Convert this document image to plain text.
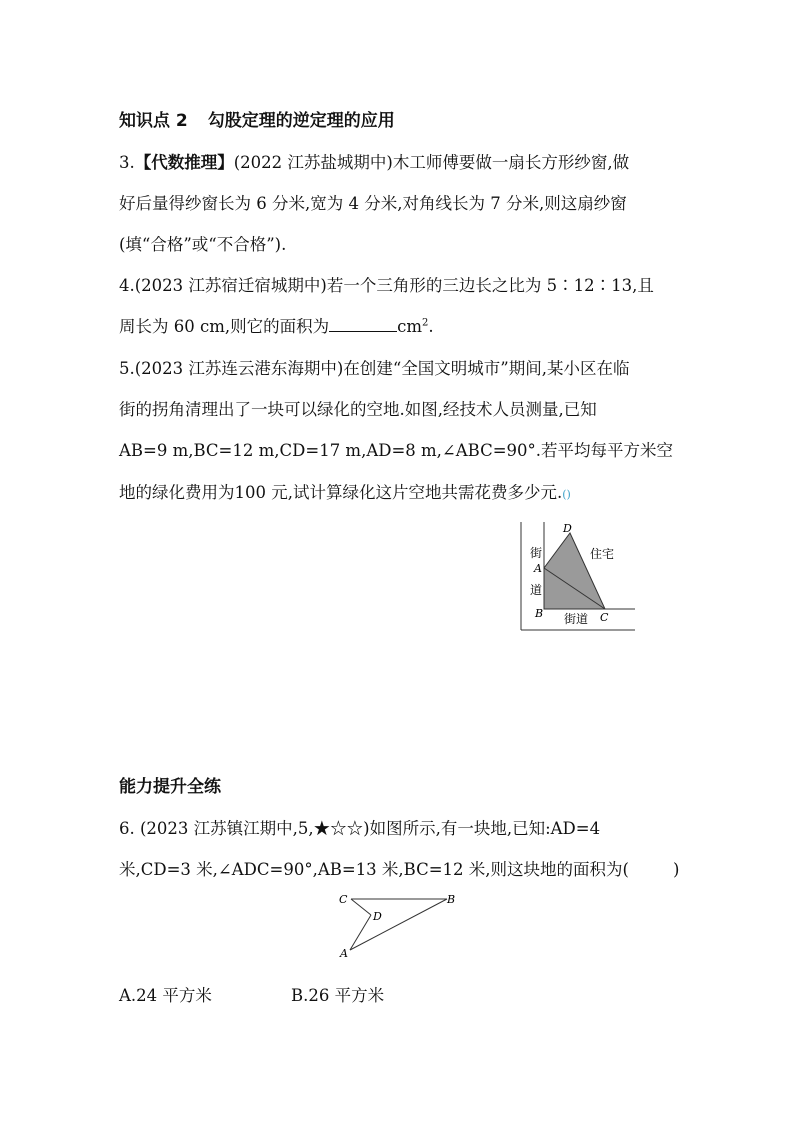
知识点 2 勾股定理的逆定理的应用
3.【代数推理】(2022 江苏盐城期中)木工师傅要做一扇长方形纱窗,做
好后量得纱窗长为 6 分米,宽为 4 分米,对角线长为 7 分米,则这扇纱窗
(填“合格”或“不合格”).
4.(2023 江苏宿迁宿城期中)若一个三角形的三边长之比为 5∶12∶13,且
周长为 60 cm,则它的面积为	$cm^2$.
5.(2023 江苏连云港东海期中)在创建“全国文明城市”期间,某小区在临
街的拐角清理出了一块可以绿化的空地.如图,经技术人员测量,已知
AB=9 m,BC=12 m,CD=17 m,AD=8 m,∠ABC=90°.若平均每平方米空
地的绿化费用为100 元,试计算绿化这片空地共需花费多少元.()
D
A
B	C
街
道
街道
住宅
能力提升全练
6. (2023 江苏镇江期中,5,★☆☆)如图所示,有一块地,已知:AD=4
米,CD=3 米,∠ADC=90°,AB=13 米,BC=12 米,则这块地的面积为(	)
C	B
D
A
A.24 平方米	B.26 平方米
